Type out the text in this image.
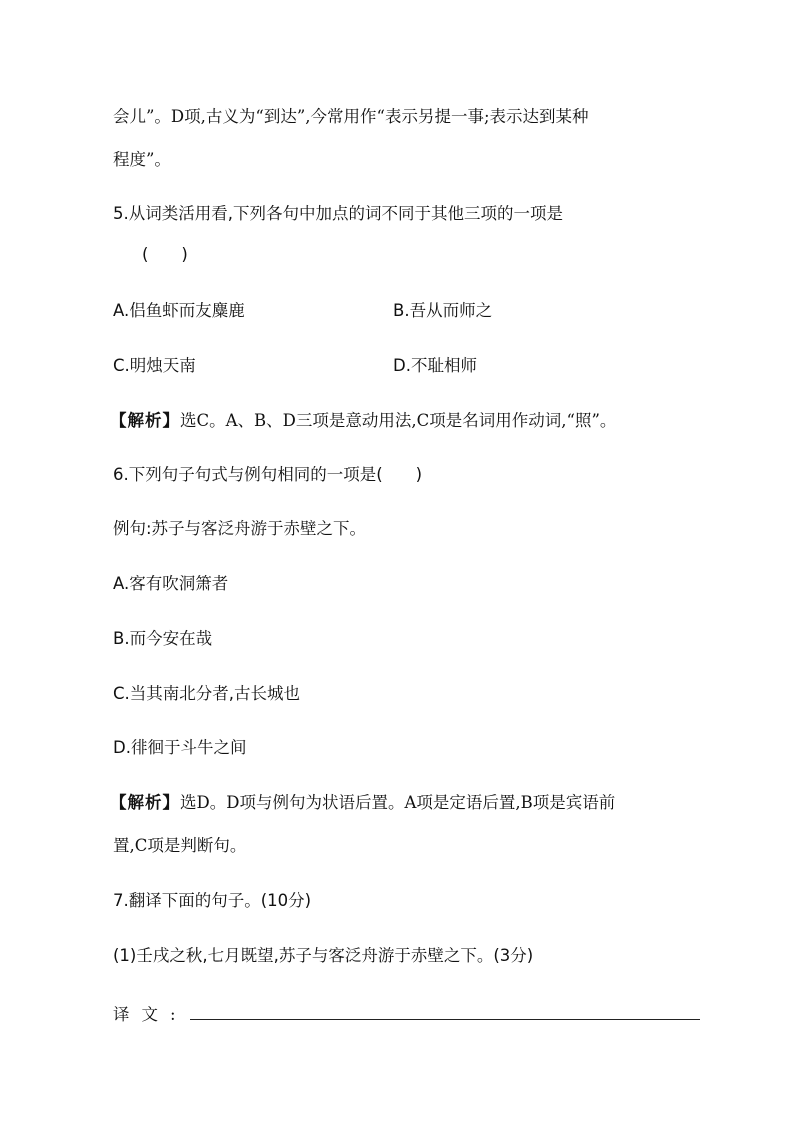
会儿”。D项,古义为“到达”,今常用作“表示另提一事;表示达到某种
程度”。
5.从词类活用看,下列各句中加点的词不同于其他三项的一项是
(　　)
A.侣鱼虾而友麋鹿	B.吾从而师之
C.明烛天南	D.不耻相师
【解析】选C。A、B、D三项是意动用法,C项是名词用作动词,“照”。
6.下列句子句式与例句相同的一项是(　　)
例句:苏子与客泛舟游于赤壁之下。
A.客有吹洞箫者
B.而今安在哉
C.当其南北分者,古长城也
D.徘徊于斗牛之间
【解析】选D。D项与例句为状语后置。A项是定语后置,B项是宾语前
置,C项是判断句。
7.翻译下面的句子。(10分)
(1)壬戌之秋,七月既望,苏子与客泛舟游于赤壁之下。(3分)
译文:
